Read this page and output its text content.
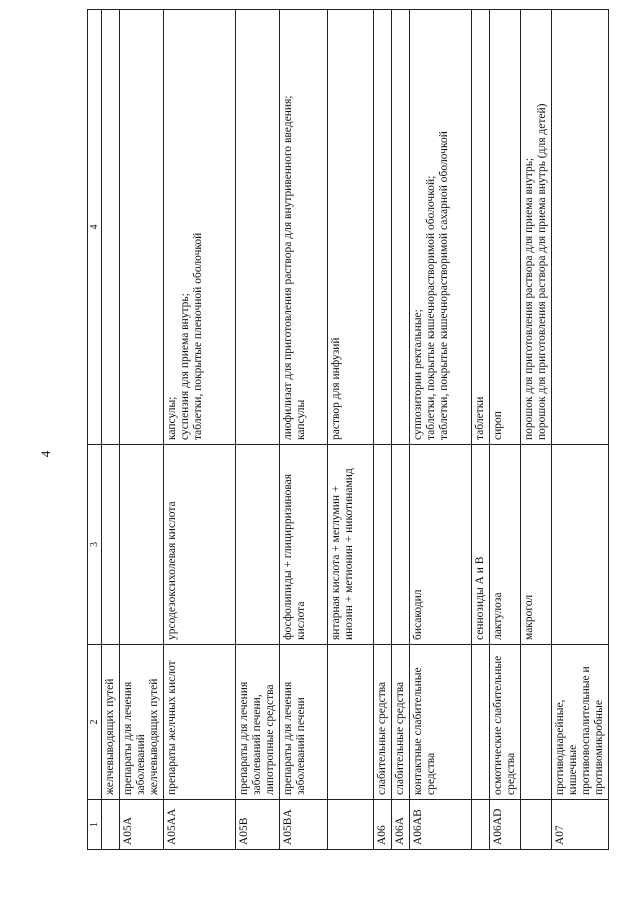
4
1	2	3	4
	желчевыводящих путей		
A05A	препараты для лечения заболеваний желчевыводящих путей		
A05AA	препараты желчных кислот	урсодезоксихолевая кислота	капсулы; суспензия для приема внутрь; таблетки, покрытые пленочной оболочкой

A05B	препараты для лечения заболеваний печени, липотропные средства		
A05BA	препараты для лечения заболеваний печени	фосфолипиды + глицирризиновая кислота	лиофилизат для приготовления раствора для внутривенного введения; капсулы

		янтарная кислота + меглумин + инозин + метионин + никотинамид	раствор для инфузий

A06	слабительные средства		
A06A	слабительные средства		
A06AB	контактные слабительные средства	бисакодил	суппозитории ректальные; таблетки, покрытые кишечнорастворимой оболочкой; таблетки, покрытые кишечнорастворимой сахарной оболочкой

		сеннозиды А и В	таблетки

A06AD	осмотические слабительные средства	лактулоза	сироп

		макрогол	порошок для приготовления раствора для приема внутрь; порошок для приготовления раствора для приема внутрь (для детей)

A07	противодиарейные, кишечные противовоспалительные и противомикробные		
